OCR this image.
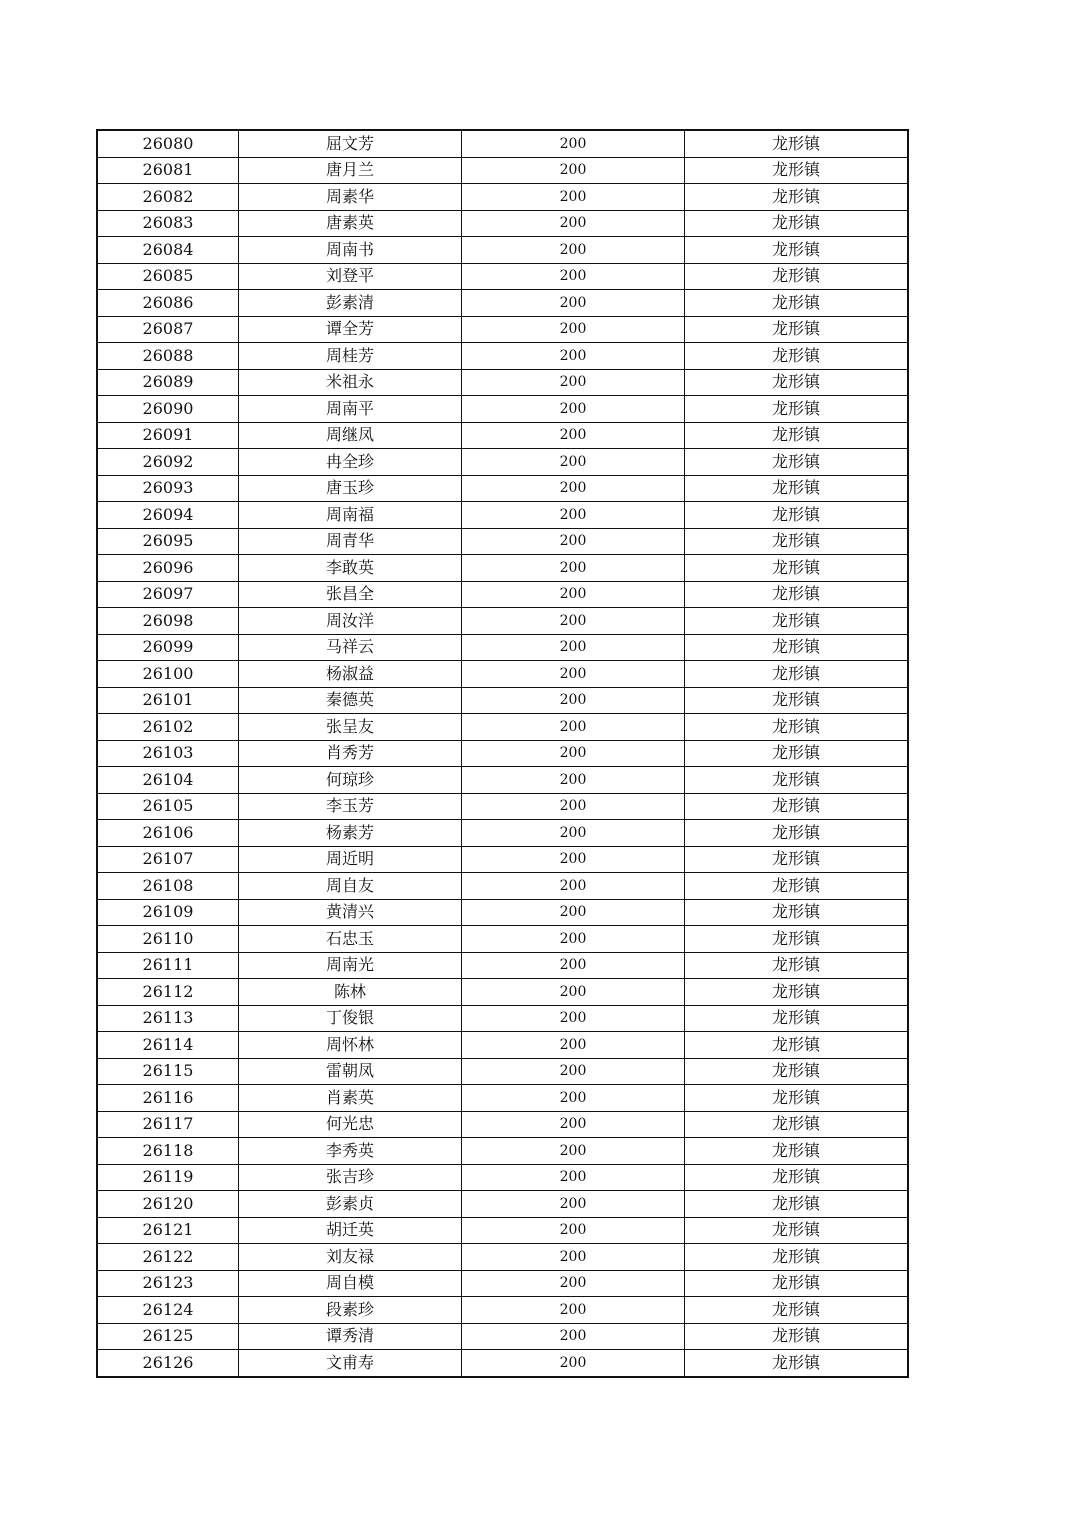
26080	屈文芳	200	龙形镇
26081	唐月兰	200	龙形镇
26082	周素华	200	龙形镇
26083	唐素英	200	龙形镇
26084	周南书	200	龙形镇
26085	刘登平	200	龙形镇
26086	彭素清	200	龙形镇
26087	谭全芳	200	龙形镇
26088	周桂芳	200	龙形镇
26089	米祖永	200	龙形镇
26090	周南平	200	龙形镇
26091	周继凤	200	龙形镇
26092	冉全珍	200	龙形镇
26093	唐玉珍	200	龙形镇
26094	周南福	200	龙形镇
26095	周青华	200	龙形镇
26096	李敢英	200	龙形镇
26097	张昌全	200	龙形镇
26098	周汝洋	200	龙形镇
26099	马祥云	200	龙形镇
26100	杨淑益	200	龙形镇
26101	秦德英	200	龙形镇
26102	张呈友	200	龙形镇
26103	肖秀芳	200	龙形镇
26104	何琼珍	200	龙形镇
26105	李玉芳	200	龙形镇
26106	杨素芳	200	龙形镇
26107	周近明	200	龙形镇
26108	周自友	200	龙形镇
26109	黄清兴	200	龙形镇
26110	石忠玉	200	龙形镇
26111	周南光	200	龙形镇
26112	陈林	200	龙形镇
26113	丁俊银	200	龙形镇
26114	周怀林	200	龙形镇
26115	雷朝凤	200	龙形镇
26116	肖素英	200	龙形镇
26117	何光忠	200	龙形镇
26118	李秀英	200	龙形镇
26119	张吉珍	200	龙形镇
26120	彭素贞	200	龙形镇
26121	胡迁英	200	龙形镇
26122	刘友禄	200	龙形镇
26123	周自模	200	龙形镇
26124	段素珍	200	龙形镇
26125	谭秀清	200	龙形镇
26126	文甫寿	200	龙形镇
